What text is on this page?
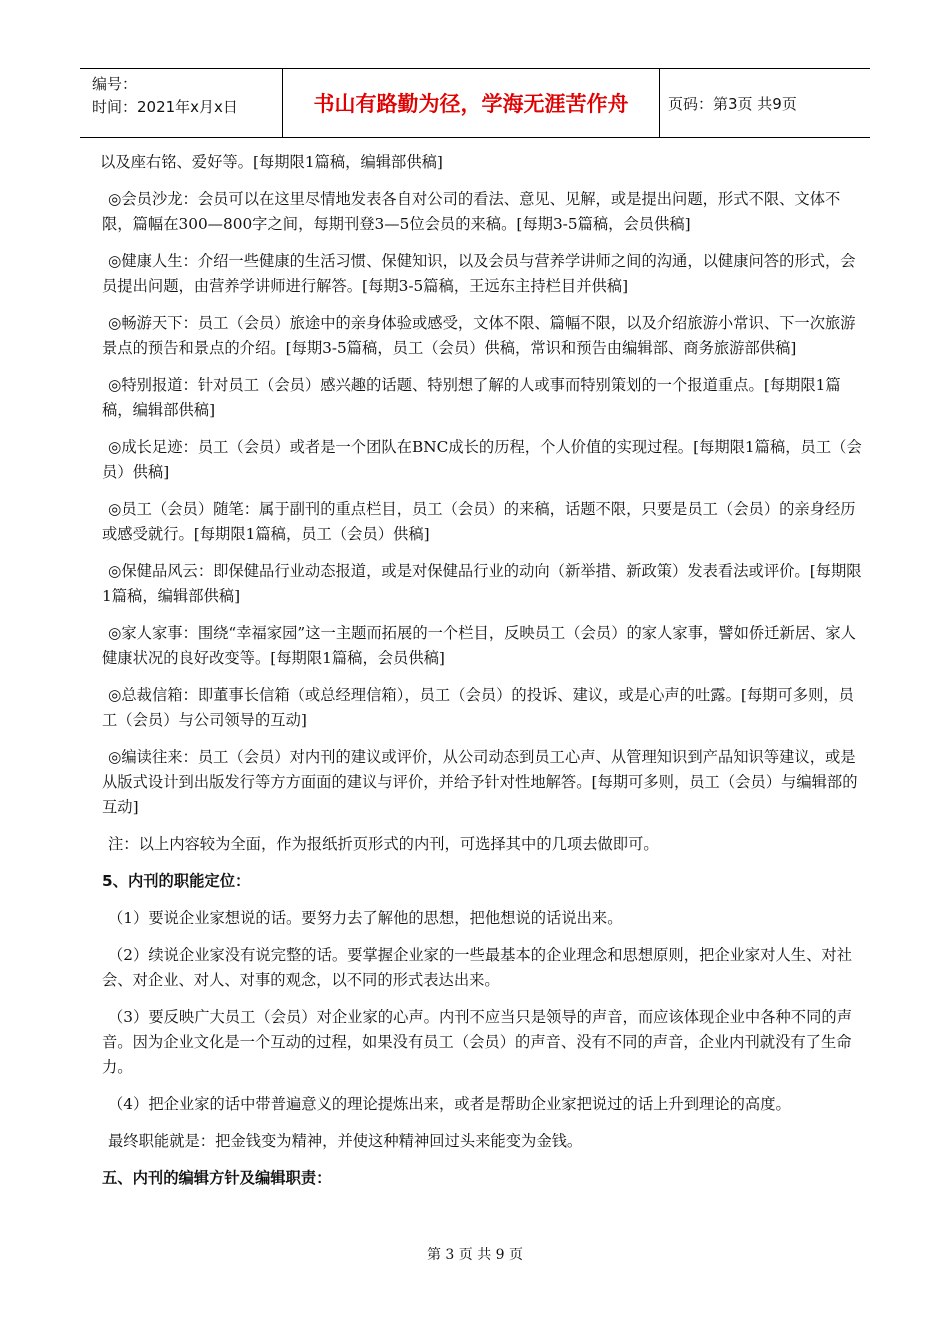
编号：
时间：2021年x月x日	书山有路勤为径，学海无涯苦作舟	页码：第3页 共9页

以及座右铭、爱好等。[每期限1篇稿，编辑部供稿]

◎会员沙龙：会员可以在这里尽情地发表各自对公司的看法、意见、见解，或是提出问题，形式不限、文体不限，篇幅在300—800字之间，每期刊登3—5位会员的来稿。[每期3-5篇稿，会员供稿]

◎健康人生：介绍一些健康的生活习惯、保健知识，以及会员与营养学讲师之间的沟通，以健康问答的形式，会员提出问题，由营养学讲师进行解答。[每期3-5篇稿，王远东主持栏目并供稿]

◎畅游天下：员工（会员）旅途中的亲身体验或感受，文体不限、篇幅不限，以及介绍旅游小常识、下一次旅游景点的预告和景点的介绍。[每期3-5篇稿，员工（会员）供稿，常识和预告由编辑部、商务旅游部供稿]

◎特别报道：针对员工（会员）感兴趣的话题、特别想了解的人或事而特别策划的一个报道重点。[每期限1篇稿，编辑部供稿]

◎成长足迹：员工（会员）或者是一个团队在BNC成长的历程，个人价值的实现过程。[每期限1篇稿，员工（会员）供稿]

◎员工（会员）随笔：属于副刊的重点栏目，员工（会员）的来稿，话题不限，只要是员工（会员）的亲身经历或感受就行。[每期限1篇稿，员工（会员）供稿]

◎保健品风云：即保健品行业动态报道，或是对保健品行业的动向（新举措、新政策）发表看法或评价。[每期限1篇稿，编辑部供稿]

◎家人家事：围绕“幸福家园”这一主题而拓展的一个栏目，反映员工（会员）的家人家事，譬如侨迁新居、家人健康状况的良好改变等。[每期限1篇稿，会员供稿]

◎总裁信箱：即董事长信箱（或总经理信箱），员工（会员）的投诉、建议，或是心声的吐露。[每期可多则，员工（会员）与公司领导的互动]

◎编读往来：员工（会员）对内刊的建议或评价，从公司动态到员工心声、从管理知识到产品知识等建议，或是从版式设计到出版发行等方方面面的建议与评价，并给予针对性地解答。[每期可多则，员工（会员）与编辑部的互动]

注：以上内容较为全面，作为报纸折页形式的内刊，可选择其中的几项去做即可。

5、内刊的职能定位：

（1）要说企业家想说的话。要努力去了解他的思想，把他想说的话说出来。

（2）续说企业家没有说完整的话。要掌握企业家的一些最基本的企业理念和思想原则，把企业家对人生、对社会、对企业、对人、对事的观念，以不同的形式表达出来。

（3）要反映广大员工（会员）对企业家的心声。内刊不应当只是领导的声音，而应该体现企业中各种不同的声音。因为企业文化是一个互动的过程，如果没有员工（会员）的声音、没有不同的声音，企业内刊就没有了生命力。

（4）把企业家的话中带普遍意义的理论提炼出来，或者是帮助企业家把说过的话上升到理论的高度。

最终职能就是：把金钱变为精神，并使这种精神回过头来能变为金钱。

五、内刊的编辑方针及编辑职责：
第 3 页 共 9 页
